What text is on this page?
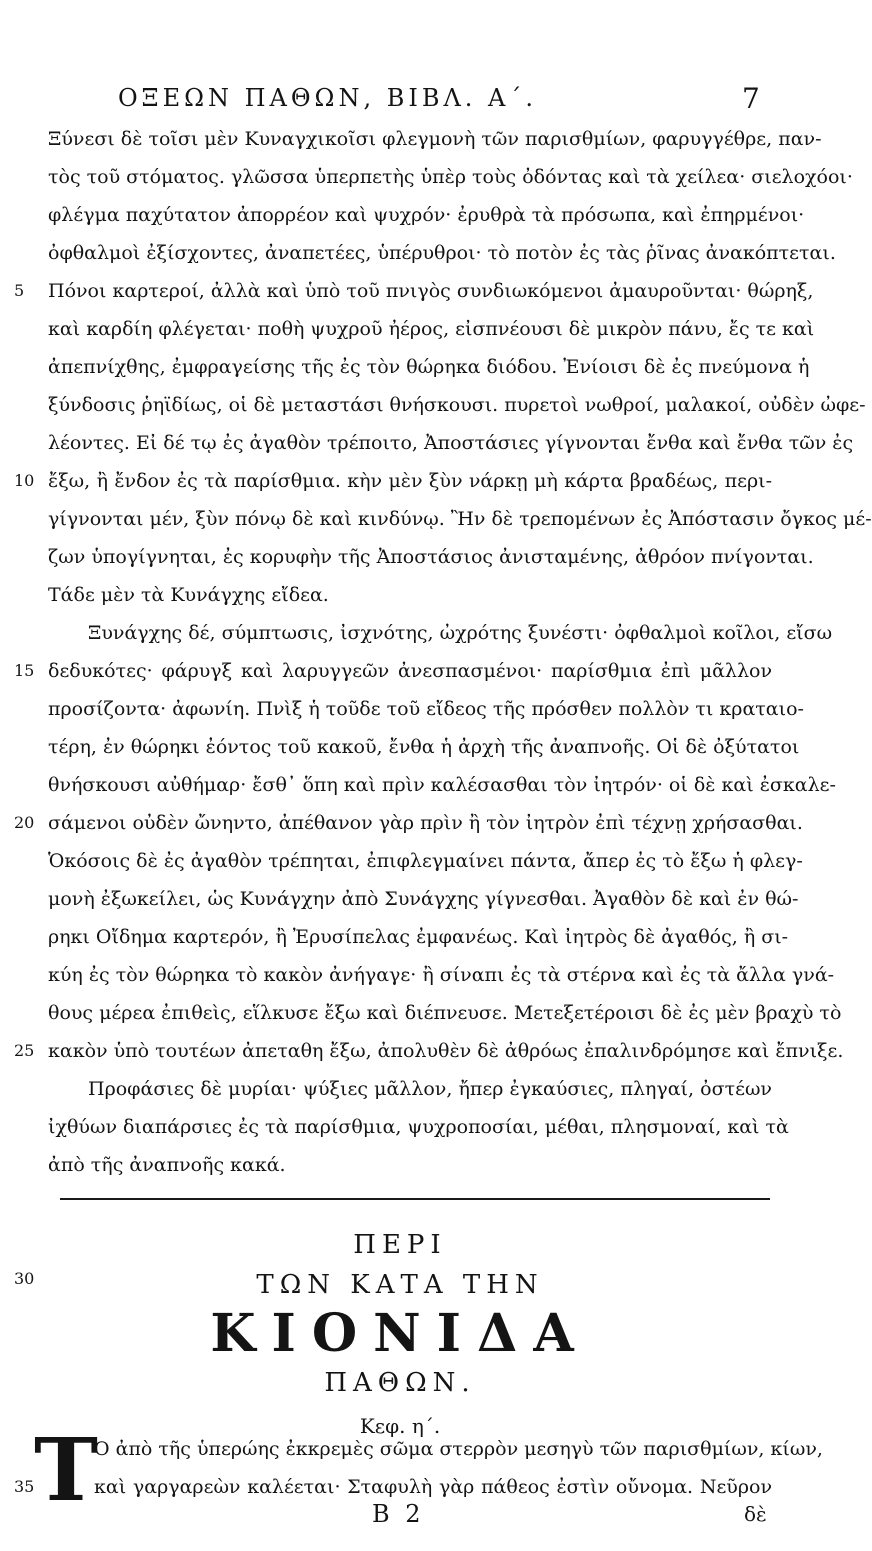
ΟΞΕΩΝ ΠΑΘΩΝ, ΒΙΒΛ. Α΄.	7
Ξύνεσι δὲ τοῖσι μὲν Κυναγχικοῖσι φλεγμονὴ τῶν παρισθμίων, φαρυγγέθρε, παν-
τὸς τοῦ στόματος. γλῶσσα ὑπερπετὴς ὑπὲρ τοὺς ὀδόντας καὶ τὰ χείλεα· σιελοχόοι·
φλέγμα παχύτατον ἀπορρέον καὶ ψυχρόν· ἐρυθρὰ τὰ πρόσωπα, καὶ ἐπηρμένοι·
ὀφθαλμοὶ ἐξίσχοντες, ἀναπετέες, ὑπέρυθροι· τὸ ποτὸν ἐς τὰς ῥῖνας ἀνακόπτεται.
Πόνοι καρτεροί, ἀλλὰ καὶ ὑπὸ τοῦ πνιγὸς συνδιωκόμενοι ἀμαυροῦνται· θώρηξ,
καὶ καρδίη φλέγεται· ποθὴ ψυχροῦ ἠέρος, εἰσπνέουσι δὲ μικρὸν πάνυ, ἔς τε καὶ
ἀπεπνίχθης, ἐμφραγείσης τῆς ἐς τὸν θώρηκα διόδου. Ἐνίοισι δὲ ἐς πνεύμονα ἡ
ξύνδοσις ῥηϊδίως, οἱ δὲ μεταστάσι θνήσκουσι. πυρετοὶ νωθροί, μαλακοί, οὐδὲν ὠφε-
λέοντες. Εἰ δέ τῳ ἐς ἀγαθὸν τρέποιτο, Ἀποστάσιες γίγνονται ἔνθα καὶ ἔνθα τῶν ἐς
ἔξω, ἢ ἔνδον ἐς τὰ παρίσθμια. κὴν μὲν ξὺν νάρκῃ μὴ κάρτα βραδέως, περι-
γίγνονται μέν, ξὺν πόνῳ δὲ καὶ κινδύνῳ. Ἢν δὲ τρεπομένων ἐς Ἀπόστασιν ὄγκος μέ-
ζων ὑπογίγνηται, ἐς κορυφὴν τῆς Ἀποστάσιος ἀνισταμένης, ἀθρόον πνίγονται.
Τάδε μὲν τὰ Κυνάγχης εἴδεα.
Ξυνάγχης δέ, σύμπτωσις, ἰσχνότης, ὠχρότης ξυνέστι· ὀφθαλμοὶ κοῖλοι, εἴσω
δεδυκότες· φάρυγξ καὶ λαρυγγεῶν ἀνεσπασμένοι· παρίσθμια ἐπὶ μᾶλλον
προσίζοντα· ἀφωνίη. Πνὶξ ἡ τοῦδε τοῦ εἴδεος τῆς πρόσθεν πολλὸν τι κραταιο-
τέρη, ἐν θώρηκι ἐόντος τοῦ κακοῦ, ἔνθα ἡ ἀρχὴ τῆς ἀναπνοῆς. Οἱ δὲ ὀξύτατοι
θνήσκουσι αὐθήμαρ· ἔσθ᾽ ὅπη καὶ πρὶν καλέσασθαι τὸν ἰητρόν· οἱ δὲ καὶ ἐσκαλε-
σάμενοι οὐδὲν ὤνηντο, ἀπέθανον γὰρ πρὶν ἢ τὸν ἰητρὸν ἐπὶ τέχνῃ χρήσασθαι.
Ὁκόσοις δὲ ἐς ἀγαθὸν τρέπηται, ἐπιφλεγμαίνει πάντα, ἄπερ ἐς τὸ ἔξω ἡ φλεγ-
μονὴ ἐξωκείλει, ὡς Κυνάγχην ἀπὸ Συνάγχης γίγνεσθαι. Ἀγαθὸν δὲ καὶ ἐν θώ-
ρηκι Οἴδημα καρτερόν, ἢ Ἐρυσίπελας ἐμφανέως. Καὶ ἰητρὸς δὲ ἀγαθός, ἢ σι-
κύη ἐς τὸν θώρηκα τὸ κακὸν ἀνήγαγε· ἢ σίναπι ἐς τὰ στέρνα καὶ ἐς τὰ ἄλλα γνά-
θους μέρεα ἐπιθεὶς, εἵλκυσε ἔξω καὶ διέπνευσε. Μετεξετέροισι δὲ ἐς μὲν βραχὺ τὸ
κακὸν ὑπὸ τουτέων ἀπεταθη ἔξω, ἀπολυθὲν δὲ ἀθρόως ἐπαλινδρόμησε καὶ ἔπνιξε.
Προφάσιες δὲ μυρίαι· ψύξιες μᾶλλον, ἤπερ ἐγκαύσιες, πληγαί, ὀστέων
ἰχθύων διαπάρσιες ἐς τὰ παρίσθμια, ψυχροποσίαι, μέθαι, πλησμοναί, καὶ τὰ
ἀπὸ τῆς ἀναπνοῆς κακά.
5
10
15
20
25
30
35
ΠΕΡΙ
ΤΩΝ ΚΑΤΑ ΤΗΝ
ΚΙΟΝΙΔΑ
ΠΑΘΩΝ.
Κεφ. η΄.
Τ
Ο ἀπὸ τῆς ὑπερώης ἐκκρεμὲς σῶμα στερρὸν μεσηγὺ τῶν παρισθμίων, κίων,
καὶ γαργαρεὼν καλέεται· Σταφυλὴ γὰρ πάθεος ἐστὶν οὔνομα. Νεῦρον
Β 2	δὲ
